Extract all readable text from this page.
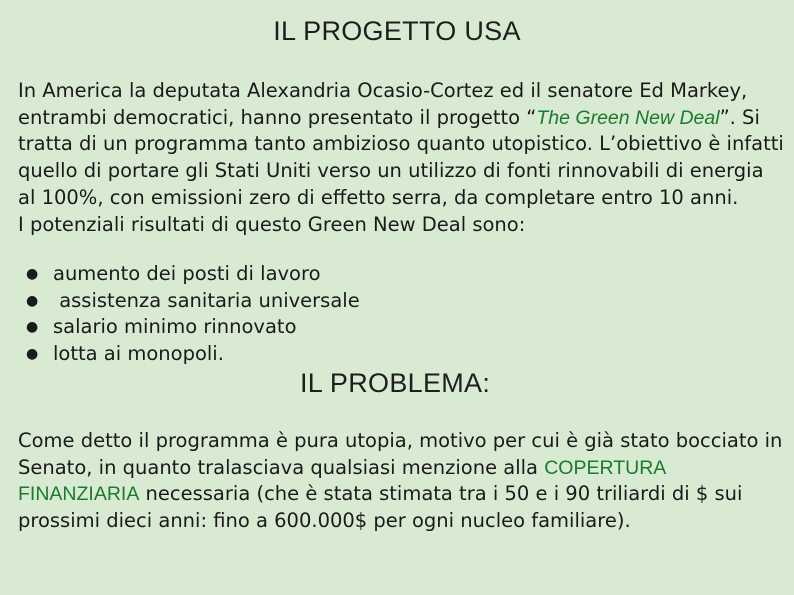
IL PROGETTO USA

In America la deputata Alexandria Ocasio-Cortez ed il senatore Ed Markey, entrambi democratici, hanno presentato il progetto “The Green New Deal”. Si tratta di un programma tanto ambizioso quanto utopistico. L’obiettivo è infatti quello di portare gli Stati Uniti verso un utilizzo di fonti rinnovabili di energia al 100%, con emissioni zero di effetto serra, da completare entro 10 anni.
I potenziali risultati di questo Green New Deal sono:

● aumento dei posti di lavoro
● assistenza sanitaria universale
● salario minimo rinnovato
● lotta ai monopoli.
IL PROBLEMA:

Come detto il programma è pura utopia, motivo per cui è già stato bocciato in Senato, in quanto tralasciava qualsiasi menzione alla COPERTURA FINANZIARIA necessaria (che è stata stimata tra i 50 e i 90 triliardi di $ sui prossimi dieci anni: fino a 600.000$ per ogni nucleo familiare).
